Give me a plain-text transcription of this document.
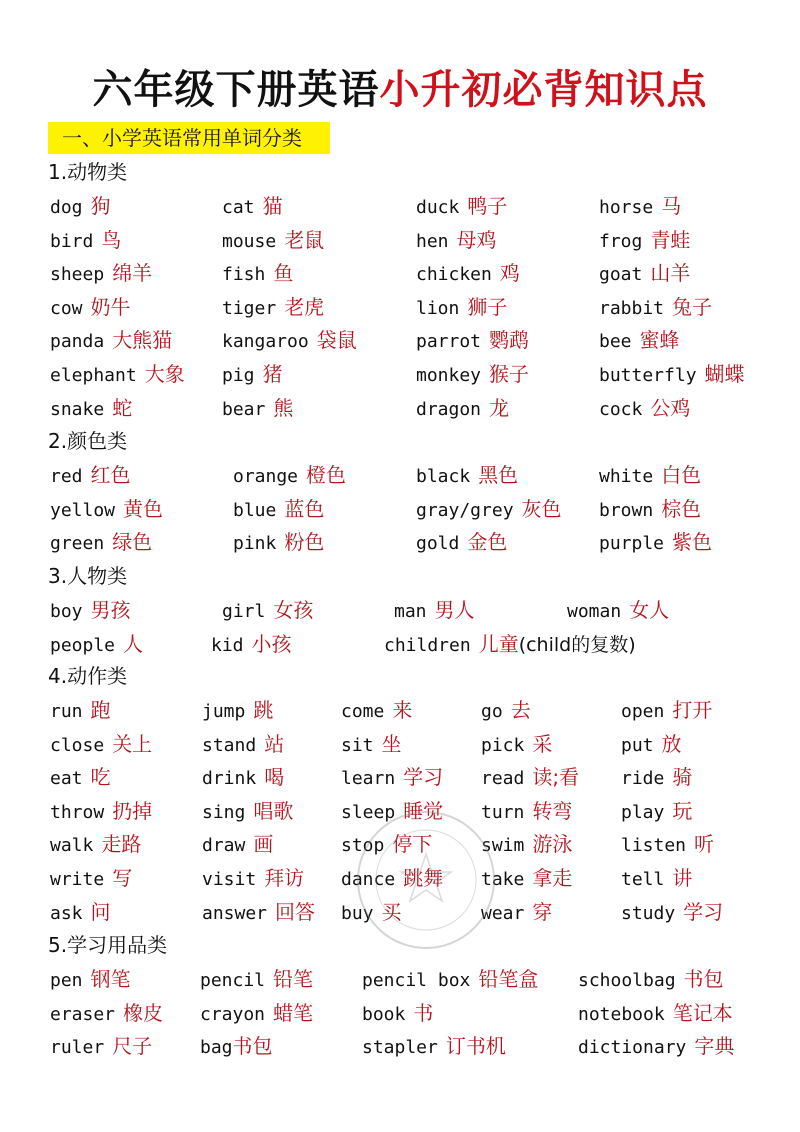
六年级下册英语小升初必背知识点
一、小学英语常用单词分类
1.动物类
dog 狗	cat 猫	duck 鸭子	horse 马
bird 鸟	mouse 老鼠	hen 母鸡	frog 青蛙
sheep 绵羊	fish 鱼	chicken 鸡	goat 山羊
cow 奶牛	tiger 老虎	lion 狮子	rabbit 兔子
panda 大熊猫	kangaroo 袋鼠	parrot 鹦鹉	bee 蜜蜂
elephant 大象 pig 猪	monkey 猴子	butterfly 蝴蝶
snake 蛇	bear 熊	dragon 龙	cock 公鸡
2.颜色类
red 红色	orange 橙色	black 黑色	white 白色
yellow 黄色	blue 蓝色	gray/grey 灰色 brown 棕色
green 绿色	pink 粉色	gold 金色	purple 紫色
3.人物类
boy 男孩	girl 女孩	man 男人	woman 女人
people 人	kid 小孩	children 儿童(child的复数)
4.动作类
run 跑	jump 跳	come 来	go 去	open 打开
close 关上	stand 站	sit 坐	pick 采	put 放
eat 吃	drink 喝	learn 学习 read 读;看 ride 骑
throw 扔掉	sing 唱歌	sleep 睡觉 turn 转弯	play 玩
walk 走路	draw 画	stop 停下	swim 游泳	listen 听
write 写	visit 拜访 dance 跳舞 take 拿走	tell 讲
ask 问	answer 回答 buy 买	wear 穿	study 学习
5.学习用品类
pen 钢笔	pencil 铅笔	pencil box 铅笔盒 schoolbag 书包
eraser 橡皮 crayon 蜡笔	book 书	notebook 笔记本
ruler 尺子	bag书包	stapler 订书机	dictionary 字典
